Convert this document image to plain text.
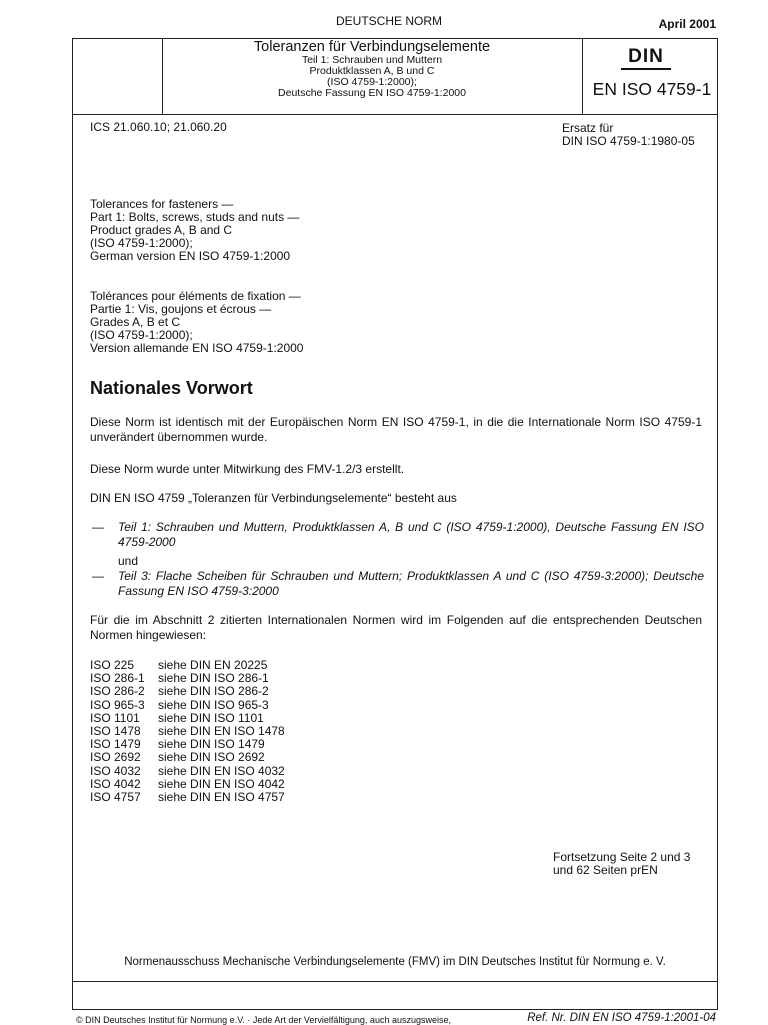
DEUTSCHE NORM	April 2001
Toleranzen für Verbindungselemente
Teil 1: Schrauben und Muttern
Produktklassen A, B und C
(ISO 4759-1:2000);
Deutsche Fassung EN ISO 4759-1:2000
DIN
EN ISO 4759-1
ICS 21.060.10; 21.060.20	Ersatz für
DIN ISO 4759-1:1980-05
Tolerances for fasteners —
Part 1: Bolts, screws, studs and nuts —
Product grades A, B and C
(ISO 4759-1:2000);
German version EN ISO 4759-1:2000
Tolérances pour éléments de fixation —
Partie 1: Vis, goujons et écrous —
Grades A, B et C
(ISO 4759-1:2000);
Version allemande EN ISO 4759-1:2000
Nationales Vorwort
Diese Norm ist identisch mit der Europäischen Norm EN ISO 4759-1, in die die Internationale Norm ISO 4759-1 unverändert übernommen wurde.
Diese Norm wurde unter Mitwirkung des FMV-1.2/3 erstellt.
DIN EN ISO 4759 „Toleranzen für Verbindungselemente“ besteht aus
— Teil 1: Schrauben und Muttern, Produktklassen A, B und C (ISO 4759-1:2000), Deutsche Fassung EN ISO 4759-2000
und
— Teil 3: Flache Scheiben für Schrauben und Muttern; Produktklassen A und C (ISO 4759-3:2000); Deutsche Fassung EN ISO 4759-3:2000
Für die im Abschnitt 2 zitierten Internationalen Normen wird im Folgenden auf die entsprechenden Deutschen Normen hingewiesen:
ISO 225	siehe DIN EN 20225
ISO 286-1	siehe DIN ISO 286-1
ISO 286-2	siehe DIN ISO 286-2
ISO 965-3	siehe DIN ISO 965-3
ISO 1101	siehe DIN ISO 1101
ISO 1478	siehe DIN EN ISO 1478
ISO 1479	siehe DIN ISO 1479
ISO 2692	siehe DIN ISO 2692
ISO 4032	siehe DIN EN ISO 4032
ISO 4042	siehe DIN EN ISO 4042
ISO 4757	siehe DIN EN ISO 4757
Fortsetzung Seite 2 und 3
und 62 Seiten prEN
Normenausschuss Mechanische Verbindungselemente (FMV) im DIN Deutsches Institut für Normung e. V.
© DIN Deutsches Institut für Normung e.V. · Jede Art der Vervielfältigung, auch auszugsweise,	Ref. Nr. DIN EN ISO 4759-1:2001-04
